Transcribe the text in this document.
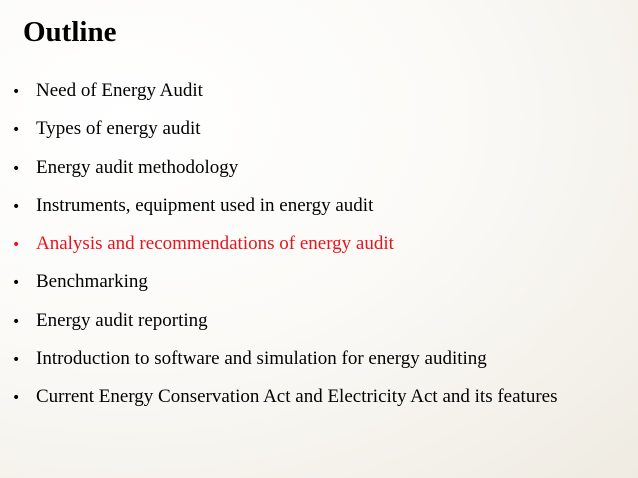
Outline
• Need of Energy Audit
• Types of energy audit
• Energy audit methodology
• Instruments, equipment used in energy audit
• Analysis and recommendations of energy audit
• Benchmarking
• Energy audit reporting
• Introduction to software and simulation for energy auditing
• Current Energy Conservation Act and Electricity Act and its features
